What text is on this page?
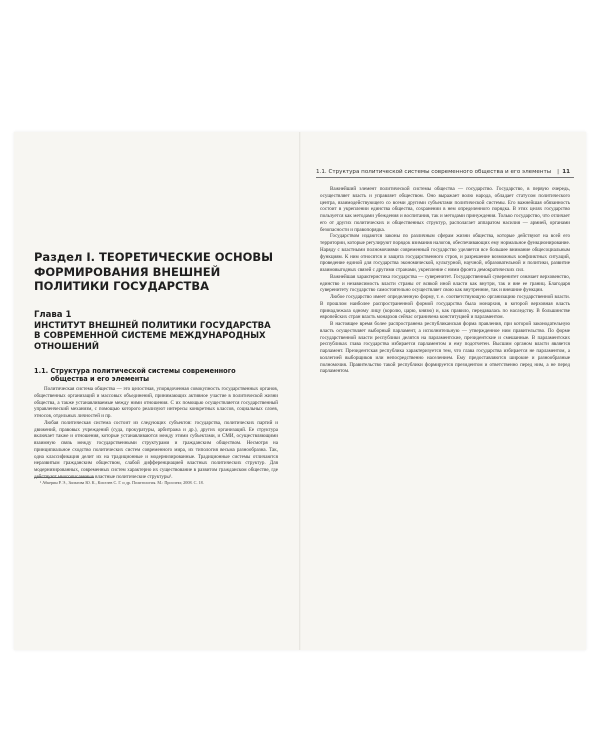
Раздел I. ТЕОРЕТИЧЕСКИЕ ОСНОВЫ ФОРМИРОВАНИЯ ВНЕШНЕЙ ПОЛИТИКИ ГОСУДАРСТВА
Глава 1
ИНСТИТУТ ВНЕШНЕЙ ПОЛИТИКИ ГОСУДАРСТВА В СОВРЕМЕННОЙ СИСТЕМЕ МЕЖДУНАРОДНЫХ ОТНОШЕНИЙ
1.1. Структура политической системы современного общества и его элементы

Политическая система общества — это целостная, упорядоченная совокупность государственных органов, общественных организаций и массовых объединений, принимающих активное участие в политической жизни общества, а также устанавливаемые между ними отношения. С их помощью осуществляется государственный управленческий механизм, с помощью которого реализуют интересы конкретных классов, социальных слоев, этносов, отдельных личностей и пр.

Любая политическая система состоит из следующих субъектов: государства, политических партий и движений, правовых учреждений (суда, прокуратуры, арбитража и др.), других организаций. Ее структура включает также и отношения, которые устанавливаются между этими субъектами, и СМИ, осуществляющими взаимную связь между государственными структурами и гражданским обществом. Несмотря на принципиальное сходство политических систем современного мира, их типология весьма разнообразна. Так, одна классификация делит их на традиционные и модернизированные. Традиционные системы отличаются неразвитым гражданским обществом, слабой дифференциацией властных политических структур. Для модернизированных, современных систем характерно их существование в развитом гражданском обществе, где действуют многочисленные властные политические структуры¹.

¹ Абкерин Р. Э., Зильтова Ю. К., Киселев С. Г. и др. Политология. М.: Проспект, 2008. С. 18.

1.1. Структура политической системы современного общества и его элементы | 11

Важнейший элемент политической системы общества — государство. Государство, в первую очередь, осуществляет власть и управляет обществом. Оно выражает волю народа, обладает статусом политического центра, взаимодействующего со всеми другими субъектами политической системы. Его важнейшая обязанность состоит в укреплении единства общества, сохранении в нем определенного порядка. В этих целях государство пользуется как методами убеждения и воспитания, так и методами принуждения. Только государство, что отличает его от других политических и общественных структур, располагает аппаратом насилия — армией, органами безопасности и правопорядка.

Государством издаются законы по различным сферам жизни общества, которые действуют на всей его территории, которые регулируют порядок взимания налогов, обеспечивающих ему нормальное функционирование. Наряду с властными полномочиями современный государство уделяется все большее внимание общесоциальным функциям. К ним относятся и защита государственного строя, и разрешение возможных конфликтных ситуаций, проведение единой для государства экономической, культурной, научной, образовательной и политики, развитие взаимовыгодных связей с другими странами, укрепление с ними фронта демократических сил.

Важнейшая характеристика государства — суверенитет. Государственный суверенитет означает верховенство, единство и независимость власти страны от всякой иной власти как внутри, так и вне ее границ. Благодаря суверенитету государство самостоятельно осуществляет свою как внутренние, так и внешние функции.

Любое государство имеет определенную форму, т. е. соответствующую организацию государственной власти. В прошлом наиболее распространенной формой государства была монархия, в которой верховная власть принадлежала одному лицу (королю, царю, князю) и, как правило, передавалась по наследству. В большинстве европейских стран власть монархов сейчас ограничена конституцией и парламентом.

В настоящее время более распространена республиканская форма правления, при которой законодательную власть осуществляет выборный парламент, а исполнительную — утвержденное ним правительство. По форме государственной власти республики делятся на парламентские, президентские и смешанные. В парламентских республиках глава государства избирается парламентом и ему подотчетен. Высшим органом власти является парламент. Президентская республика характеризуется тем, что глава государства избирается не парламентом, а коллегией выборщиков или непосредственно населением. Ему предоставляются широкие и разнообразные полномочия. Правительство такой республики формируется президентом и ответственно перед ним, а не перед парламентом.
